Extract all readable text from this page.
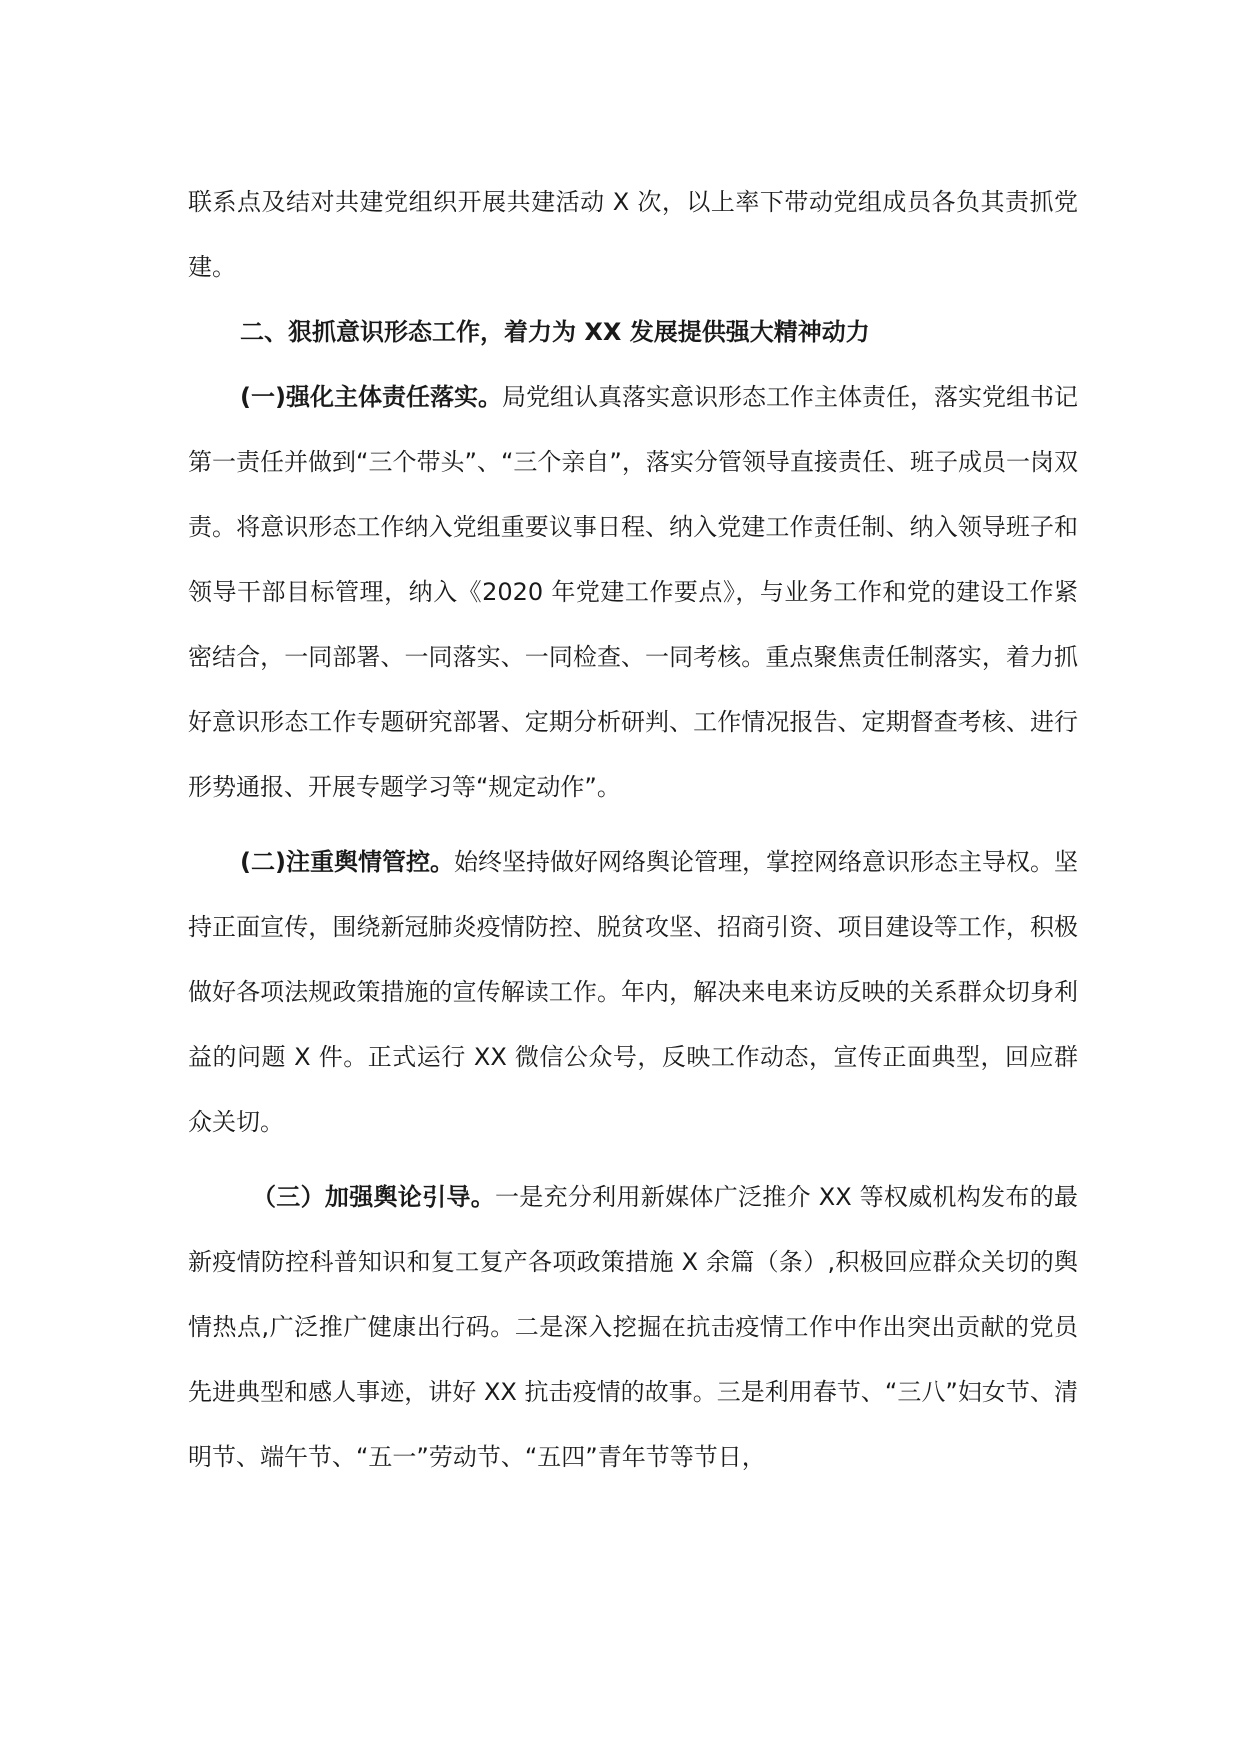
联系点及结对共建党组织开展共建活动 X 次，以上率下带动党组成员各负其责抓党建。

二、狠抓意识形态工作，着力为 XX 发展提供强大精神动力

(一)强化主体责任落实。局党组认真落实意识形态工作主体责任，落实党组书记第一责任并做到“三个带头”、“三个亲自”，落实分管领导直接责任、班子成员一岗双责。将意识形态工作纳入党组重要议事日程、纳入党建工作责任制、纳入领导班子和领导干部目标管理，纳入《2020 年党建工作要点》，与业务工作和党的建设工作紧密结合，一同部署、一同落实、一同检查、一同考核。重点聚焦责任制落实，着力抓好意识形态工作专题研究部署、定期分析研判、工作情况报告、定期督查考核、进行形势通报、开展专题学习等“规定动作”。

(二)注重舆情管控。始终坚持做好网络舆论管理，掌控网络意识形态主导权。坚持正面宣传，围绕新冠肺炎疫情防控、脱贫攻坚、招商引资、项目建设等工作，积极做好各项法规政策措施的宣传解读工作。年内，解决来电来访反映的关系群众切身利益的问题 X 件。正式运行 XX 微信公众号，反映工作动态，宣传正面典型，回应群众关切。

（三）加强舆论引导。一是充分利用新媒体广泛推介 XX 等权威机构发布的最新疫情防控科普知识和复工复产各项政策措施 X 余篇（条）,积极回应群众关切的舆情热点,广泛推广健康出行码。二是深入挖掘在抗击疫情工作中作出突出贡献的党员先进典型和感人事迹，讲好 XX 抗击疫情的故事。三是利用春节、“三八”妇女节、清明节、端午节、“五一”劳动节、“五四”青年节等节日，
